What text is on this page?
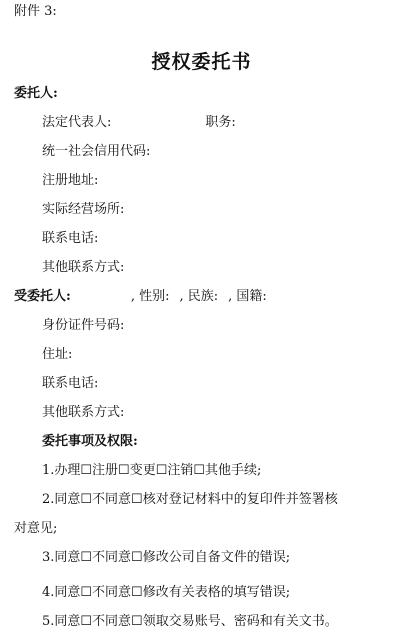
附件 3:
授权委托书
委托人:
法定代表人:	职务:
统一社会信用代码:
注册地址:
实际经营场所:
联系电话:
其他联系方式:
受委托人:	, 性别: , 民族: , 国籍:
身份证件号码:
住址:
联系电话:
其他联系方式:
委托事项及权限:
1.办理☐注册☐变更☐注销☐其他手续;
2.同意☐不同意☐核对登记材料中的复印件并签署核
对意见;
3.同意☐不同意☐修改公司自备文件的错误;
4.同意☐不同意☐修改有关表格的填写错误;
5.同意☐不同意☐领取交易账号、密码和有关文书。
